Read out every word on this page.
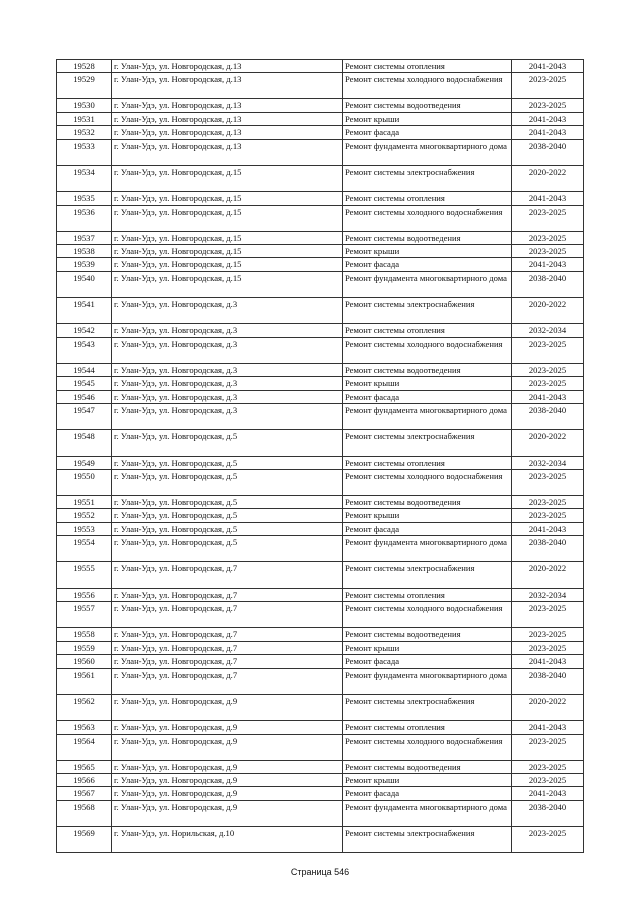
19528	г. Улан-Удэ, ул. Новгородская, д.13	Ремонт системы отопления	2041-2043
19529	г. Улан-Удэ, ул. Новгородская, д.13	Ремонт системы холодного водоснабжения	2023-2025
19530	г. Улан-Удэ, ул. Новгородская, д.13	Ремонт системы водоотведения	2023-2025
19531	г. Улан-Удэ, ул. Новгородская, д.13	Ремонт крыши	2041-2043
19532	г. Улан-Удэ, ул. Новгородская, д.13	Ремонт фасада	2041-2043
19533	г. Улан-Удэ, ул. Новгородская, д.13	Ремонт фундамента многоквартирного дома	2038-2040
19534	г. Улан-Удэ, ул. Новгородская, д.15	Ремонт системы электроснабжения	2020-2022
19535	г. Улан-Удэ, ул. Новгородская, д.15	Ремонт системы отопления	2041-2043
19536	г. Улан-Удэ, ул. Новгородская, д.15	Ремонт системы холодного водоснабжения	2023-2025
19537	г. Улан-Удэ, ул. Новгородская, д.15	Ремонт системы водоотведения	2023-2025
19538	г. Улан-Удэ, ул. Новгородская, д.15	Ремонт крыши	2023-2025
19539	г. Улан-Удэ, ул. Новгородская, д.15	Ремонт фасада	2041-2043
19540	г. Улан-Удэ, ул. Новгородская, д.15	Ремонт фундамента многоквартирного дома	2038-2040
19541	г. Улан-Удэ, ул. Новгородская, д.3	Ремонт системы электроснабжения	2020-2022
19542	г. Улан-Удэ, ул. Новгородская, д.3	Ремонт системы отопления	2032-2034
19543	г. Улан-Удэ, ул. Новгородская, д.3	Ремонт системы холодного водоснабжения	2023-2025
19544	г. Улан-Удэ, ул. Новгородская, д.3	Ремонт системы водоотведения	2023-2025
19545	г. Улан-Удэ, ул. Новгородская, д.3	Ремонт крыши	2023-2025
19546	г. Улан-Удэ, ул. Новгородская, д.3	Ремонт фасада	2041-2043
19547	г. Улан-Удэ, ул. Новгородская, д.3	Ремонт фундамента многоквартирного дома	2038-2040
19548	г. Улан-Удэ, ул. Новгородская, д.5	Ремонт системы электроснабжения	2020-2022
19549	г. Улан-Удэ, ул. Новгородская, д.5	Ремонт системы отопления	2032-2034
19550	г. Улан-Удэ, ул. Новгородская, д.5	Ремонт системы холодного водоснабжения	2023-2025
19551	г. Улан-Удэ, ул. Новгородская, д.5	Ремонт системы водоотведения	2023-2025
19552	г. Улан-Удэ, ул. Новгородская, д.5	Ремонт крыши	2023-2025
19553	г. Улан-Удэ, ул. Новгородская, д.5	Ремонт фасада	2041-2043
19554	г. Улан-Удэ, ул. Новгородская, д.5	Ремонт фундамента многоквартирного дома	2038-2040
19555	г. Улан-Удэ, ул. Новгородская, д.7	Ремонт системы электроснабжения	2020-2022
19556	г. Улан-Удэ, ул. Новгородская, д.7	Ремонт системы отопления	2032-2034
19557	г. Улан-Удэ, ул. Новгородская, д.7	Ремонт системы холодного водоснабжения	2023-2025
19558	г. Улан-Удэ, ул. Новгородская, д.7	Ремонт системы водоотведения	2023-2025
19559	г. Улан-Удэ, ул. Новгородская, д.7	Ремонт крыши	2023-2025
19560	г. Улан-Удэ, ул. Новгородская, д.7	Ремонт фасада	2041-2043
19561	г. Улан-Удэ, ул. Новгородская, д.7	Ремонт фундамента многоквартирного дома	2038-2040
19562	г. Улан-Удэ, ул. Новгородская, д.9	Ремонт системы электроснабжения	2020-2022
19563	г. Улан-Удэ, ул. Новгородская, д.9	Ремонт системы отопления	2041-2043
19564	г. Улан-Удэ, ул. Новгородская, д.9	Ремонт системы холодного водоснабжения	2023-2025
19565	г. Улан-Удэ, ул. Новгородская, д.9	Ремонт системы водоотведения	2023-2025
19566	г. Улан-Удэ, ул. Новгородская, д.9	Ремонт крыши	2023-2025
19567	г. Улан-Удэ, ул. Новгородская, д.9	Ремонт фасада	2041-2043
19568	г. Улан-Удэ, ул. Новгородская, д.9	Ремонт фундамента многоквартирного дома	2038-2040
19569	г. Улан-Удэ, ул. Норильская, д.10	Ремонт системы электроснабжения	2023-2025
Страница 546
